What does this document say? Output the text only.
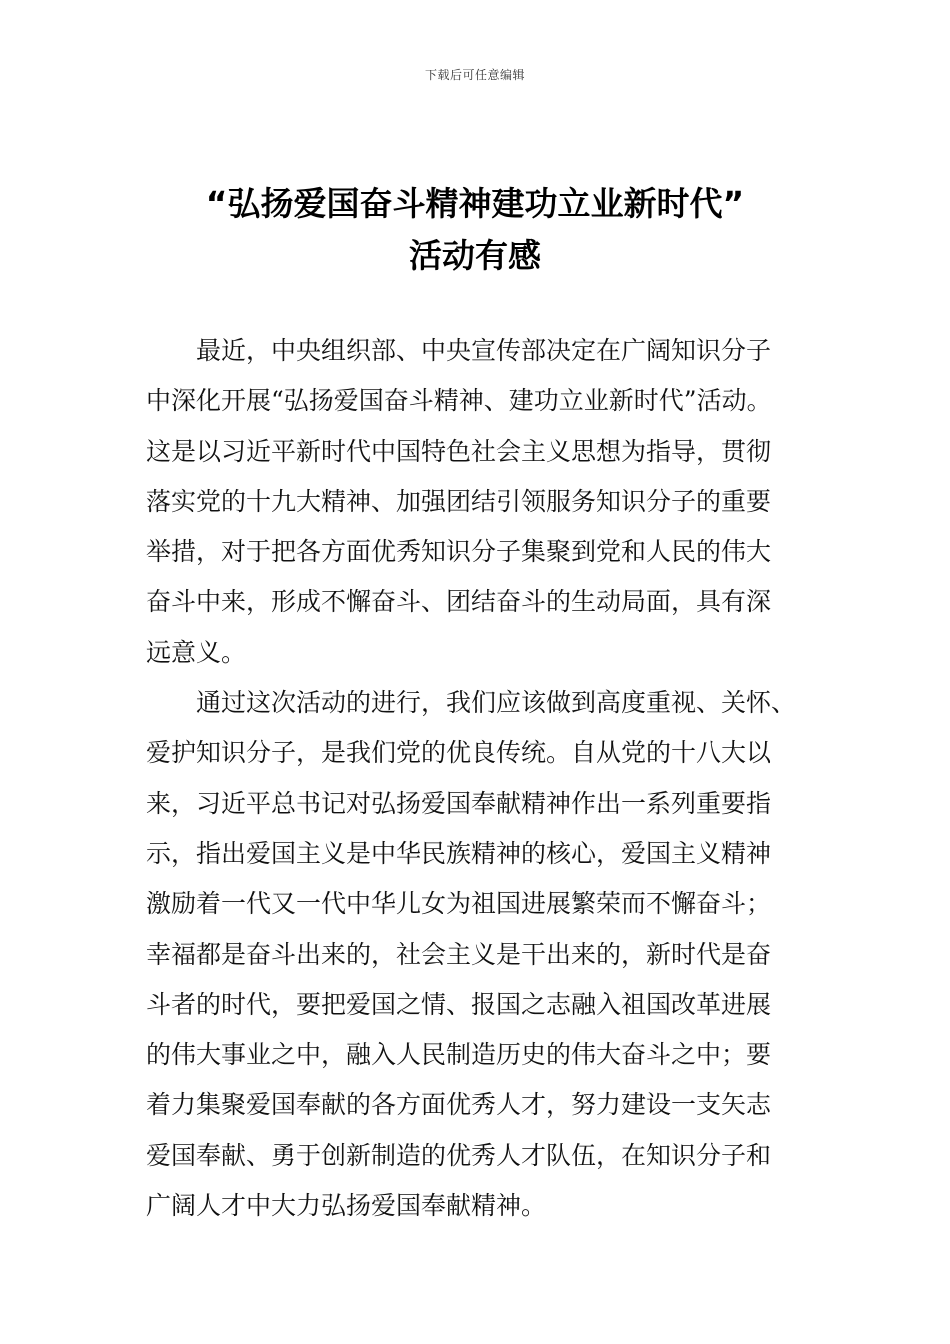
下载后可任意编辑
“弘扬爱国奋斗精神建功立业新时代”
活动有感
最近，中央组织部、中央宣传部决定在广阔知识分子
中深化开展“弘扬爱国奋斗精神、建功立业新时代”活动。
这是以习近平新时代中国特色社会主义思想为指导，贯彻
落实党的十九大精神、加强团结引领服务知识分子的重要
举措，对于把各方面优秀知识分子集聚到党和人民的伟大
奋斗中来，形成不懈奋斗、团结奋斗的生动局面，具有深
远意义。
通过这次活动的进行，我们应该做到高度重视、关怀、
爱护知识分子，是我们党的优良传统。自从党的十八大以
来，习近平总书记对弘扬爱国奉献精神作出一系列重要指
示，指出爱国主义是中华民族精神的核心，爱国主义精神
激励着一代又一代中华儿女为祖国进展繁荣而不懈奋斗；
幸福都是奋斗出来的，社会主义是干出来的，新时代是奋
斗者的时代，要把爱国之情、报国之志融入祖国改革进展
的伟大事业之中，融入人民制造历史的伟大奋斗之中；要
着力集聚爱国奉献的各方面优秀人才，努力建设一支矢志
爱国奉献、勇于创新制造的优秀人才队伍，在知识分子和
广阔人才中大力弘扬爱国奉献精神。
